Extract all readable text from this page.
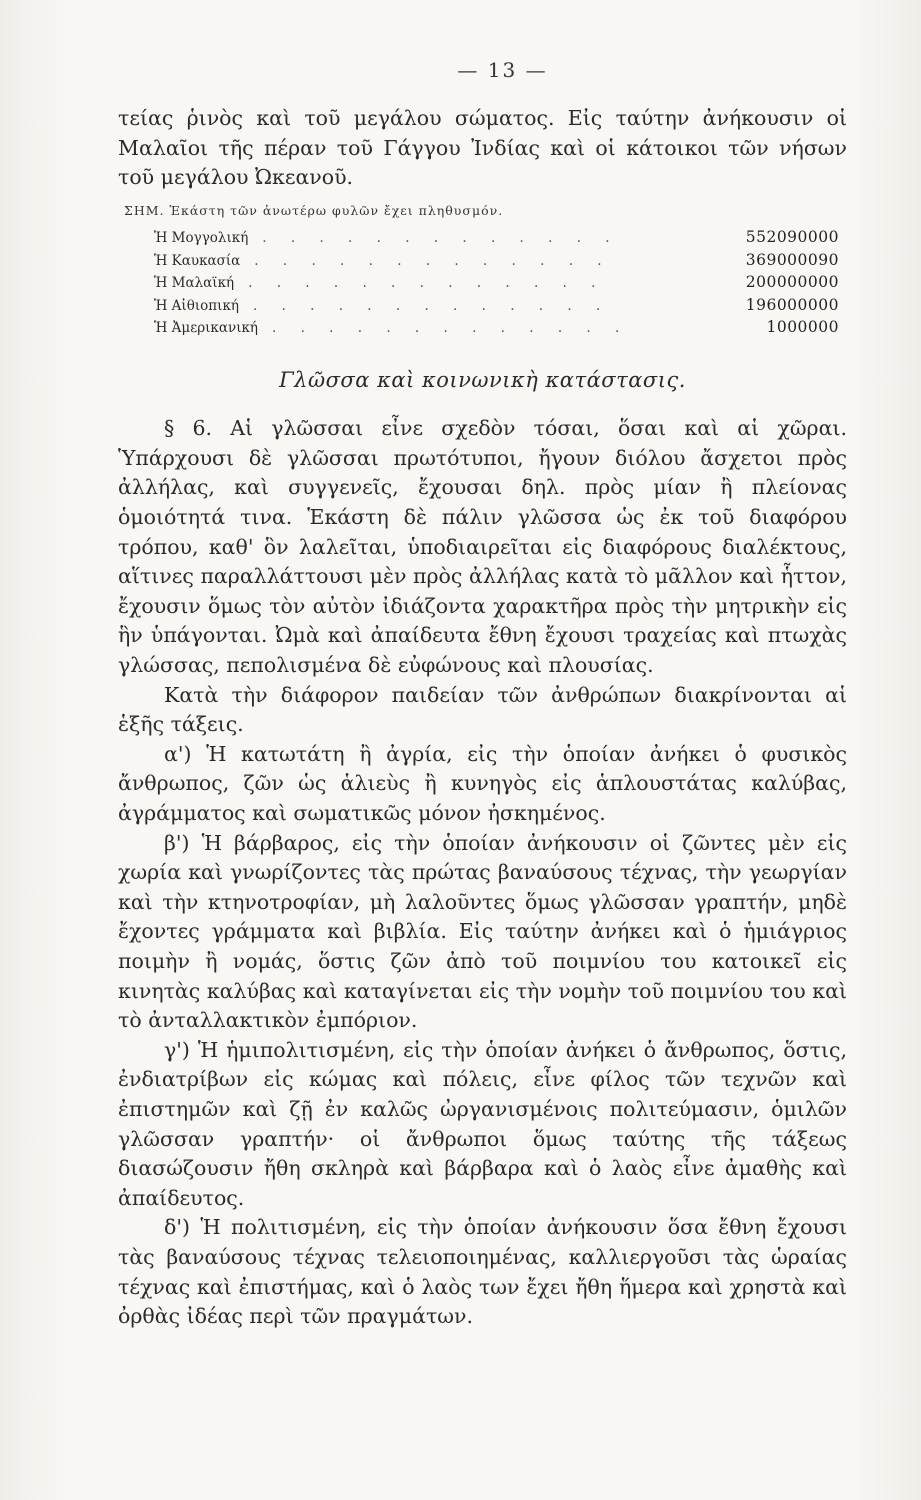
— 13 —

τείας ῥινὸς καὶ τοῦ μεγάλου σώματος. Εἰς ταύτην ἀνήκουσιν οἱ Μαλαῖοι τῆς πέραν τοῦ Γάγγου Ἰνδίας καὶ οἱ κάτοικοι τῶν νήσων τοῦ μεγάλου Ὠκεανοῦ.

ΣΗΜ. Ἑκάστη τῶν ἀνωτέρω φυλῶν ἔχει πληθυσμόν.
Ἡ Μογγολική . . . . . . . . . . . . .	552090000
Ἡ Καυκασία . . . . . . . . . . . . .	369000090
Ἡ Μαλαϊκή . . . . . . . . . . . . .	200000000
Ἡ Αἰθιοπική . . . . . . . . . . . . .	196000000
Ἡ Ἀμερικανική . . . . . . . . . . . . .	1000000
Γλῶσσα καὶ κοινωνικὴ κατάστασις.

§ 6. Αἱ γλῶσσαι εἶνε σχεδὸν τόσαι, ὅσαι καὶ αἱ χῶραι. Ὑπάρχουσι δὲ γλῶσσαι πρωτότυποι, ἤγουν διόλου ἄσχετοι πρὸς ἀλλήλας, καὶ συγγενεῖς, ἔχουσαι δηλ. πρὸς μίαν ἢ πλείονας ὁμοιότητά τινα. Ἑκάστη δὲ πάλιν γλῶσσα ὡς ἐκ τοῦ διαφόρου τρόπου, καθ' ὃν λαλεῖται, ὑποδιαιρεῖται εἰς διαφόρους διαλέκτους, αἵτινες παραλλάττουσι μὲν πρὸς ἀλλήλας κατὰ τὸ μᾶλλον καὶ ἧττον, ἔχουσιν ὅμως τὸν αὐτὸν ἰδιάζοντα χαρακτῆρα πρὸς τὴν μητρικὴν εἰς ἣν ὑπάγονται. Ὠμὰ καὶ ἀπαίδευτα ἔθνη ἔχουσι τραχείας καὶ πτωχὰς γλώσσας, πεπολισμένα δὲ εὐφώνους καὶ πλουσίας.

Κατὰ τὴν διάφορον παιδείαν τῶν ἀνθρώπων διακρίνονται αἱ ἑξῆς τάξεις.

α') Ἡ κατωτάτη ἢ ἀγρία, εἰς τὴν ὁποίαν ἀνήκει ὁ φυσικὸς ἄνθρωπος, ζῶν ὡς ἁλιεὺς ἢ κυνηγὸς εἰς ἁπλουστάτας καλύβας, ἀγράμματος καὶ σωματικῶς μόνον ἠσκημένος.

β') Ἡ βάρβαρος, εἰς τὴν ὁποίαν ἀνήκουσιν οἱ ζῶντες μὲν εἰς χωρία καὶ γνωρίζοντες τὰς πρώτας βαναύσους τέχνας, τὴν γεωργίαν καὶ τὴν κτηνοτροφίαν, μὴ λαλοῦντες ὅμως γλῶσσαν γραπτήν, μηδὲ ἔχοντες γράμματα καὶ βιβλία. Εἰς ταύτην ἀνήκει καὶ ὁ ἡμιάγριος ποιμὴν ἢ νομάς, ὅστις ζῶν ἀπὸ τοῦ ποιμνίου του κατοικεῖ εἰς κινητὰς καλύβας καὶ καταγίνεται εἰς τὴν νομὴν τοῦ ποιμνίου του καὶ τὸ ἀνταλλακτικὸν ἐμπόριον.

γ') Ἡ ἡμιπολιτισμένη, εἰς τὴν ὁποίαν ἀνήκει ὁ ἄνθρωπος, ὅστις, ἐνδιατρίβων εἰς κώμας καὶ πόλεις, εἶνε φίλος τῶν τεχνῶν καὶ ἐπιστημῶν καὶ ζῇ ἐν καλῶς ὠργανισμένοις πολιτεύμασιν, ὁμιλῶν γλῶσσαν γραπτήν· οἱ ἄνθρωποι ὅμως ταύτης τῆς τάξεως διασώζουσιν ἤθη σκληρὰ καὶ βάρβαρα καὶ ὁ λαὸς εἶνε ἀμαθὴς καὶ ἀπαίδευτος.

δ') Ἡ πολιτισμένη, εἰς τὴν ὁποίαν ἀνήκουσιν ὅσα ἔθνη ἔχουσι τὰς βαναύσους τέχνας τελειοποιημένας, καλλιεργοῦσι τὰς ὡραίας τέχνας καὶ ἐπιστήμας, καὶ ὁ λαὸς των ἔχει ἤθη ἥμερα καὶ χρηστὰ καὶ ὀρθὰς ἰδέας περὶ τῶν πραγμάτων.
